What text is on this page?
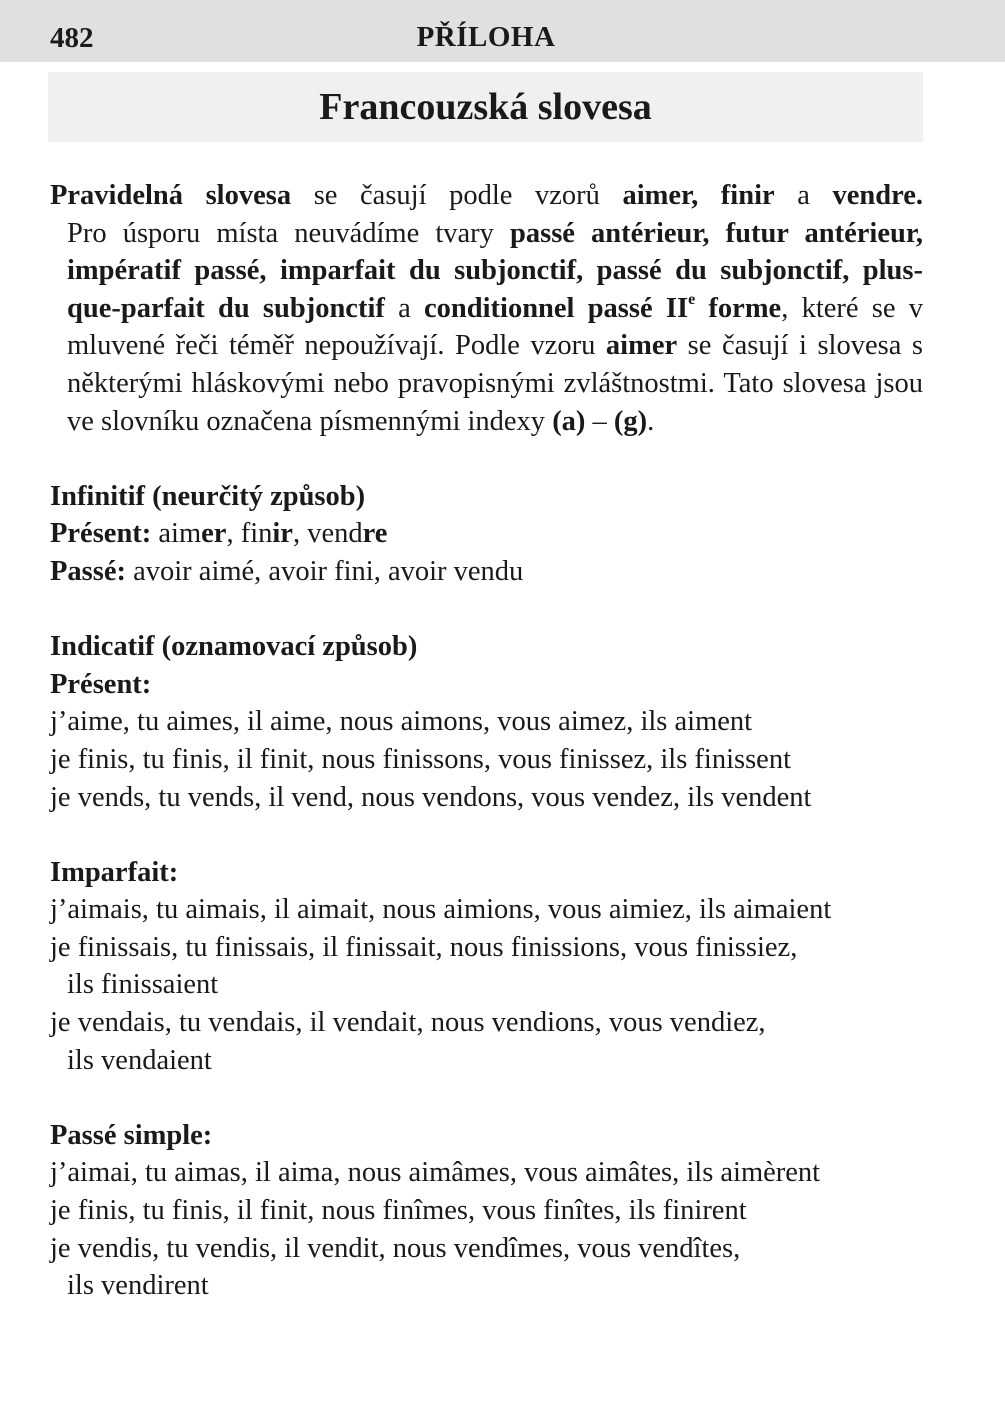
482	PŘÍLOHA
Francouzská slovesa

Pravidelná slovesa se časují podle vzorů aimer, finir a vendre.
Pro úsporu místa neuvádíme tvary passé antérieur, futur antérieur, impératif passé, imparfait du subjonctif, passé du subjonctif, plus-que-parfait du subjonctif a conditionnel passé IIe forme, které se v mluvené řeči téměř nepoužívají. Podle vzoru aimer se časují i slovesa s některými hláskovými nebo pravopisnými zvláštnostmi. Tato slovesa jsou ve slovníku označena písmennými indexy (a) – (g).

Infinitif (neurčitý způsob)

Présent: aimer, finir, vendre

Passé: avoir aimé, avoir fini, avoir vendu

Indicatif (oznamovací způsob)
Présent:

j’aime, tu aimes, il aime, nous aimons, vous aimez, ils aiment

je finis, tu finis, il finit, nous finissons, vous finissez, ils finissent

je vends, tu vends, il vend, nous vendons, vous vendez, ils vendent

Imparfait:

j’aimais, tu aimais, il aimait, nous aimions, vous aimiez, ils aimaient

je finissais, tu finissais, il finissait, nous finissions, vous finissiez,

ils finissaient

je vendais, tu vendais, il vendait, nous vendions, vous vendiez,

ils vendaient

Passé simple:

j’aimai, tu aimas, il aima, nous aimâmes, vous aimâtes, ils aimèrent

je finis, tu finis, il finit, nous finîmes, vous finîtes, ils finirent

je vendis, tu vendis, il vendit, nous vendîmes, vous vendîtes,

ils vendirent
